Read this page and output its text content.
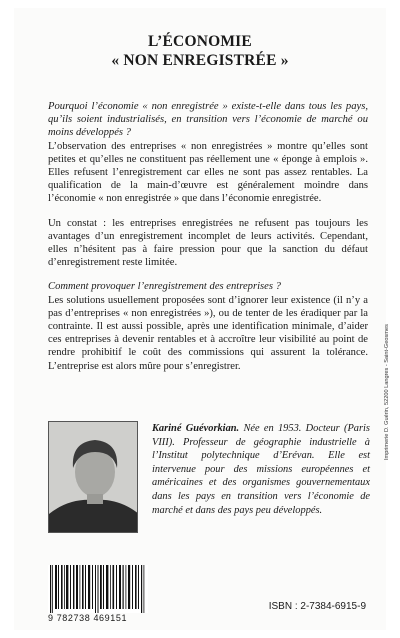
L’ÉCONOMIE
« NON ENREGISTRÉE »

Pourquoi l’économie « non enregistrée » existe-t-elle dans tous les pays, qu’ils soient industrialisés, en transition vers l’économie de marché ou moins développés ?

L’observation des entreprises « non enregistrées » montre qu’elles sont petites et qu’elles ne constituent pas réellement une « éponge à emplois ». Elles refusent l’enregistrement car elles ne sont pas assez rentables. La qualification de la main-d’œuvre est généralement moindre dans l’économie « non enregistrée » que dans l’économie enregistrée.

Un constat : les entreprises enregistrées ne refusent pas toujours les avantages d’un enregistrement incomplet de leurs activités. Cependant, elles n’hésitent pas à faire pression pour que la sanction du défaut d’enregistrement reste limitée.

Comment provoquer l’enregistrement des entreprises ?

Les solutions usuellement proposées sont d’ignorer leur existence (il n’y a pas d’entreprises « non enregistrées »), ou de tenter de les éradiquer par la contrainte. Il est aussi possible, après une identification minimale, d’aider ces entreprises à devenir rentables et à accroître leur visibilité au point de rendre prohibitif le coût des commissions qui assurent la tolérance. L’entreprise est alors mûre pour s’enregistrer.

Kariné Guévorkian. Née en 1953. Docteur (Paris VIII). Professeur de géographie industrielle à l’Institut polytechnique d’Erévan. Elle est intervenue pour des missions européennes et américaines et des organismes gouvernementaux dans les pays en transition vers l’économie de marché et dans des pays peu développés.
9 782738 469151
ISBN : 2-7384-6915-9
Imprimerie D. Guérin, 52200 Langres - Saint-Geosmes
